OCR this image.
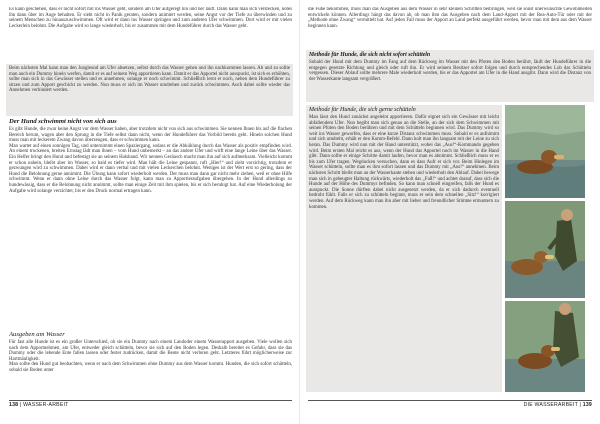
Es kann geschehen, dass er nicht sofort mit ins Wasser geht, sondern am Ufer aufgeregt hin und her läuft. Dann kann man sich verstecken, notes ihn dann über im Auge behalten. Er sieht nicht in Panik geraten, sondern animiert werden, seine Angst vor der Tiefe zu überwinden und zu seinem Menschen zu hinauszuschwimmen. Oft wird er dann ins Wasser springen und zum anderen Ufer schwimmen. Dort wird er mit vielen Leckerlein belohnt. Die Aufgabe wird so lange wiederholt, bis er zusammen mit dem Hundeführer durch das Wasser geht.

Beim nächsten Mal kann man den Jungleund am Ufer absetzen, selbst durch das Wasser gehen und ihn nachkommen lassen. Ab und zu sollte man auch ein Dummy hinein werfen, damit er es auf seinem Weg apportieren kann. Damit er das Apportel nicht ausspuckt, ist sich es erhöhten, sollte man sich in das Gewässer stellen und es annehmen, solange er noch schwimmt. Schließlich lernt er noch, neben dem Hundeführer zu sitzen und zum Apport geschickt zu werden. Nun muss er sich im Wasser umdrehen und zurück schwimmen. Auch dabei sollte wieder das Annehmen verhindert werden.

Der Hund schwimmt nicht von sich aus

Es gibt Hunde, die zwar keine Angst vor dem Wasser haben, aber trotzdem nicht von sich aus schwimmen. Sie nennen Ihnen bis auf die flachen Bereich herum, wagen aber den Sprung in die Tiefe selbst dann nicht, wenn der Hundeführer das Vorbild bereits geht. Hinein solchen Hund muss man mit leckerem Zwang davon überzeugen, dass er schwimmen kann.

Man wartet auf einen sonnigen Tag, und unternimmt einen Spaziergang, sodass er die Abkühlung durch das Wasser als positiv empfinden wird. An einem trockenen, breiten Ernstag lädt man ihnen – vom Hund unbemerkt – an das andere Ufer und wirft eine lange Leine über das Wasser. Ein Helfer bringt den Hund und befestigt sie an seinem Halsband. Wir nennen Geräusch macht man ihn auf sich aufmerksam. Vielleicht kommt er schon nahein, bleibt aber im Wasser, so bald es tiefer wird. Man hält die Leine gespannt, ruft „Hier!“ und zieht vorsichtig, trotzdem er gezwungen wird zu schwimmen. Dabei wird er dann verbal und mit vielen Leckerchen belohnt. Weniges ist der Wert erst so gering, dass der Hund die Belohnung gerne annimmt. Die Übung kann sofort wiederholt werden. Der muss man dann gar nicht mehr ziehen, weil er ohne Hilfe schwimmt. Wenn er dann ohne Leine durch das Wasser folgt, kann man zu Apportieraufgaben übergehen. In der Hund allerdings so hundewässig, dass er die Belohnung nicht annimmt, sollte man einige Zeit mit ihm spielen, bis er sich beruhigt hat. Auf eine Wiederholung der Aufgabe wird solange verzichtet, bis er den Druck normal ertragen kann.

Ausgeben am Wasser

Für fast alle Hunde ist es ein großer Unterschied, ob sie ein Dummy nach einem Landoder einem Wasserapport ausgeben. Viele wollen sich nach dem Apportnehmen, am Ufer, entweder gleich schütteln, bevor sie sich auf den Boden legen. Deshalb bereitet es Gefahr, dass sie das Dummy oder die lebende Ente fallen lassen oder fester zudrücken, damit die Beute nicht verloren geht. Letzteres führt möglicherweise zur Hartmäuligkeit.

Man sollte den Hund gut beobachten, wenn er nach dem Schwimmen ohne Dummy aus dem Wasser kommt. Hunden, die sich sofort schütteln, sobald sie Boden unter

138 | WASSER-ARBEIT

die Füße bekommen, muss man das Ausgeben aus dem Wasser in sehr kleinen Schritten beibringen, weil sie sonst unerwünschte Gewohnheiten entwickeln können. Allerdings hängt das davon ab, ob man ihm das Ausgeben nach dem Land-Apport mit der Rea-Auto-Tür oder mit der „Methode ohne Zwang“ vermittelt hat. Auf jeden Fall muss der Apport an Land perfekt ausgeführt werden, bevor man mit dem aus dem Wasser beginnen kann.

Methode für Hunde, die sich nicht sofort schütteln

Sobald der Hund mit dem Dummy im Fang auf dem Rückweg im Wasser mit den Pfoten den Boden berührt, läuft der Hundeführer in die entgegen gesetzte Richtung und gleich oder ruft ihn. Er wird seinem Besitzer sofort folgen und durch entsprechendes Lob das Schütteln vergessen. Dieser Ablauf sollte mehrere Male wiederholt werden, bis er das Apportel am Ufer in die Hand ausgibt. Dann wird die Distanz von der Wasserkante langsam vergrößert.

Methode für Hunde, die sich gerne schütteln

Man lässt den Hund zunächst angeleint apportieren. Dafür eignet sich ein Gewässer mit leicht abfallendem Ufer. Nun begibt man sich genau an die Stelle, an der sich dem Schwimmen mit seinen Pfoten den Boden berühren und mit dem Schütteln beginnen wird. Das Dummy wird so weit ins Wasser geworfen, dass er eine kurze Distanz schwimmen muss. Sobald er es aufnimmt und sich umdreht, erhält er den Komm-Befehl. Dann holt man ihn langsam mit der Leine zu sich heran. Das Dummy wird nun mit der Hand unterstützt, wobei das „Aus!“-Kommando gegeben wird. Beim ersten Mal reicht es aus, wenn der Hund das Apportel noch im Wasser in die Hand gibt. Dann sollte er einige Schritte damit laufen, bevor man es abnimmt. Schließlich muss er es bis zum Ufer tragen. Wegducken versuchen, dann es dass Aufr er sich vor. Beim Hinlegen im Wasser schütteln, sollte man es ihm sofort lassen und das Dummy mit „Aus!“ annehmen. Beim nächsten Schritt bleibt man an der Wasserkante stehen und wiederholt den Ablauf. Dabei bewege man sich in gebeugter Haltung rückwärts, wiederholt das „Fuß!“ und achtet darauf, dass sich die Hunde auf der Höhe des Dummys befinden. So kann man schnell eingreifen, falls der Hund es ausspuckt. Die Sonne dürften dabei nicht ausgesetzt werden, da er sich dadurch eventuell bedroht fühlt. Falls er sich zu schütteln beginnt, muss er sein dem schnellen „Sitz!“ korrigiert werden. Auf dem Rückweg kann man ihn aber mit lieber und freundlicher Stimme ermuntern zu kommen.

DIE WASSERARBEIT | 139
